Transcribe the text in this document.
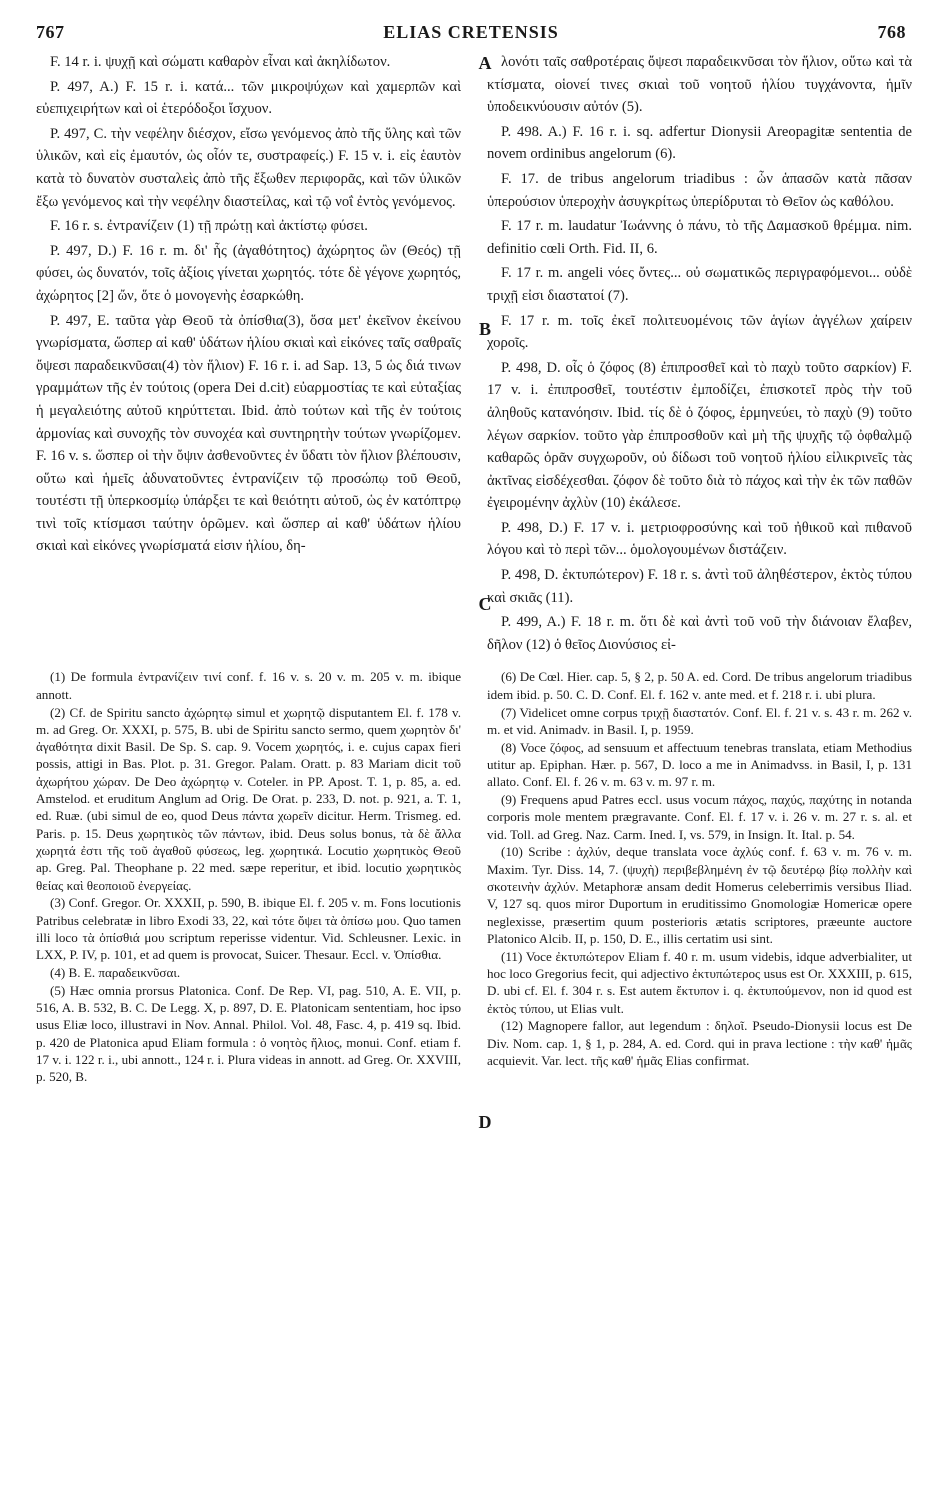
767	ELIAS CRETENSIS	768
A
B
C

F. 14 r. i. ψυχῇ καὶ σώματι καθαρὸν εἶναι καὶ ἀκηλίδωτον.

P. 497, A.) F. 15 r. i. κατά... τῶν μικροψύχων καὶ χαμερπῶν καὶ εὐεπιχειρήτων καὶ οἱ ἑτερόδοξοι ἴσχυον.

P. 497, C. τὴν νεφέλην διέσχον, εἴσω γενόμενος ἀπὸ τῆς ὕλης καὶ τῶν ὑλικῶν, καὶ εἰς ἐμαυτόν, ὡς οἷόν τε, συστραφείς.) F. 15 v. i. εἰς ἑαυτὸν κατὰ τὸ δυνατὸν συσταλεὶς ἀπὸ τῆς ἔξωθεν περιφορᾶς, καὶ τῶν ὑλικῶν ἔξω γενόμενος καὶ τὴν νεφέλην διαστείλας, καὶ τῷ νοΐ ἐντὸς γενόμενος.

F. 16 r. s. ἐντρανίζειν (1) τῇ πρώτῃ καὶ ἀκτίστῳ φύσει.

P. 497, D.) F. 16 r. m. δι' ἧς (ἀγαθότητος) ἀχώρητος ὢν (Θεός) τῇ φύσει, ὡς δυνατόν, τοῖς ἀξίοις γίνεται χωρητός. τότε δὲ γέγονε χωρητός, ἀχώρητος [2] ὤν, ὅτε ὁ μονογενὴς ἐσαρκώθη.

P. 497, E. ταῦτα γὰρ Θεοῦ τὰ ὀπίσθια(3), ὅσα μετ' ἐκεῖνον ἐκείνου γνωρίσματα, ὥσπερ αἱ καθ' ὑδάτων ἡλίου σκιαὶ καὶ εἰκόνες ταῖς σαθραῖς ὄψεσι παραδεικνῦσαι(4) τὸν ἥλιον) F. 16 r. i. ad Sap. 13, 5 ὡς διά τινων γραμμάτων τῆς ἐν τούτοις (opera Dei d.cit) εὐαρμοστίας τε καὶ εὐταξίας ἡ μεγαλειότης αὐτοῦ κηρύττεται. Ibid. ἀπὸ τούτων καὶ τῆς ἐν τούτοις ἁρμονίας καὶ συνοχῆς τὸν συνοχέα καὶ συντηρητὴν τούτων γνωρίζομεν. F. 16 v. s. ὥσπερ οἱ τὴν ὄψιν ἀσθενοῦντες ἐν ὕδατι τὸν ἥλιον βλέπουσιν, οὕτω καὶ ἡμεῖς ἀδυνατοῦντες ἐντρανίζειν τῷ προσώπῳ τοῦ Θεοῦ, τουτέστι τῇ ὑπερκοσμίῳ ὑπάρξει τε καὶ θειότητι αὐτοῦ, ὡς ἐν κατόπτρῳ τινὶ τοῖς κτίσμασι ταύτην ὁρῶμεν. καὶ ὥσπερ αἱ καθ' ὑδάτων ἡλίου σκιαὶ καὶ εἰκόνες γνωρίσματά εἰσιν ἡλίου, δη-

λονότι ταῖς σαθροτέραις ὄψεσι παραδεικνῦσαι τὸν ἥλιον, οὕτω καὶ τὰ κτίσματα, οἱονεί τινες σκιαὶ τοῦ νοητοῦ ἡλίου τυγχάνοντα, ἡμῖν ὑποδεικνύουσιν αὐτόν (5).

P. 498. A.) F. 16 r. i. sq. adfertur Dionysii Areopagitæ sententia de novem ordinibus angelorum (6).

F. 17. de tribus angelorum triadibus : ὧν ἁπασῶν κατὰ πᾶσαν ὑπερούσιον ὑπεροχὴν ἀσυγκρίτως ὑπερίδρυται τὸ Θεῖον ὡς καθόλου.

F. 17 r. m. laudatur Ἰωάννης ὁ πάνυ, τὸ τῆς Δαμασκοῦ θρέμμα. nim. definitio cœli Orth. Fid. II, 6.

F. 17 r. m. angeli νόες ὄντες... οὐ σωματικῶς περιγραφόμενοι... οὐδὲ τριχῇ εἰσι διαστατοί (7).

F. 17 r. m. τοῖς ἐκεῖ πολιτευομένοις τῶν ἁγίων ἀγγέλων χαίρειν χοροῖς.

P. 498, D. οἷς ὁ ζόφος (8) ἐπιπροσθεῖ καὶ τὸ παχὺ τοῦτο σαρκίον) F. 17 v. i. ἐπιπροσθεῖ, τουτέστιν ἐμποδίζει, ἐπισκοτεῖ πρὸς τὴν τοῦ ἀληθοῦς κατανόησιν. Ibid. τίς δὲ ὁ ζόφος, ἑρμηνεύει, τὸ παχὺ (9) τοῦτο λέγων σαρκίον. τοῦτο γὰρ ἐπιπροσθοῦν καὶ μὴ τῆς ψυχῆς τῷ ὀφθαλμῷ καθαρῶς ὁρᾶν συγχωροῦν, οὐ δίδωσι τοῦ νοητοῦ ἡλίου εἰλικρινεῖς τὰς ἀκτῖνας εἰσδέχεσθαι. ζόφον δὲ τοῦτο διὰ τὸ πάχος καὶ τὴν ἐκ τῶν παθῶν ἐγειρομένην ἀχλὺν (10) ἐκάλεσε.

P. 498, D.) F. 17 v. i. μετριοφροσύνης καὶ τοῦ ἠθικοῦ καὶ πιθανοῦ λόγου καὶ τὸ περὶ τῶν... ὁμολογουμένων διστάζειν.

P. 498, D. ἐκτυπώτερον) F. 18 r. s. ἀντὶ τοῦ ἀληθέστερον, ἐκτὸς τύπου καὶ σκιᾶς (11).

P. 499, A.) F. 18 r. m. ὅτι δὲ καὶ ἀντὶ τοῦ νοῦ τὴν διάνοιαν ἔλαβεν, δῆλον (12) ὁ θεῖος Διονύσιος εἰ-

D

(1) De formula ἐντρανίζειν τινί conf. f. 16 v. s. 20 v. m. 205 v. m. ibique annott.

(2) Cf. de Spiritu sancto ἀχώρητῳ simul et χωρητῷ disputantem El. f. 178 v. m. ad Greg. Or. XXXI, p. 575, B. ubi de Spiritu sancto sermo, quem χωρητὸν δι' ἀγαθότητα dixit Basil. De Sp. S. cap. 9. Vocem χωρητός, i. e. cujus capax fieri possis, attigi in Bas. Plot. p. 31. Gregor. Palam. Oratt. p. 83 Mariam dicit τοῦ ἀχωρήτου χώραν. De Deo ἀχώρητῳ v. Coteler. in PP. Apost. T. 1, p. 85, a. ed. Amstelod. et eruditum Anglum ad Orig. De Orat. p. 233, D. not. p. 921, a. T. 1, ed. Ruæ. (ubi simul de eo, quod Deus πάντα χωρεῖν dicitur. Herm. Trismeg. ed. Paris. p. 15. Deus χωρητικὸς τῶν πάντων, ibid. Deus solus bonus, τὰ δὲ ἄλλα χωρητά ἐστι τῆς τοῦ ἀγαθοῦ φύσεως, leg. χωρητικά. Locutio χωρητικὸς Θεοῦ ap. Greg. Pal. Theophane p. 22 med. sæpe reperitur, et ibid. locutio χωρητικὸς θείας καὶ θεοποιοῦ ἐνεργείας.

(3) Conf. Gregor. Or. XXXII, p. 590, B. ibique El. f. 205 v. m. Fons locutionis Patribus celebratæ in libro Exodi 33, 22, καὶ τότε ὄψει τὰ ὀπίσω μου. Quo tamen illi loco τὰ ὀπίσθιά μου scriptum reperisse videntur. Vid. Schleusner. Lexic. in LXX, P. IV, p. 101, et ad quem is provocat, Suicer. Thesaur. Eccl. v. Ὀπίσθια.

(4) B. E. παραδεικνῦσαι.

(5) Hæc omnia prorsus Platonica. Conf. De Rep. VI, pag. 510, A. E. VII, p. 516, A. B. 532, B. C. De Legg. X, p. 897, D. E. Platonicam sententiam, hoc ipso usus Eliæ loco, illustravi in Nov. Annal. Philol. Vol. 48, Fasc. 4, p. 419 sq. Ibid. p. 420 de Platonica apud Eliam formula : ὁ νοητὸς ἥλιος, monui. Conf. etiam f. 17 v. i. 122 r. i., ubi annott., 124 r. i. Plura videas in annott. ad Greg. Or. XXVIII, p. 520, B.

(6) De Cœl. Hier. cap. 5, § 2, p. 50 A. ed. Cord. De tribus angelorum triadibus idem ibid. p. 50. C. D. Conf. El. f. 162 v. ante med. et f. 218 r. i. ubi plura.

(7) Videlicet omne corpus τριχῇ διαστατόν. Conf. El. f. 21 v. s. 43 r. m. 262 v. m. et vid. Animadv. in Basil. I, p. 1959.

(8) Voce ζόφος, ad sensuum et affectuum tenebras translata, etiam Methodius utitur ap. Epiphan. Hær. p. 567, D. loco a me in Animadvss. in Basil, I, p. 131 allato. Conf. El. f. 26 v. m. 63 v. m. 97 r. m.

(9) Frequens apud Patres eccl. usus vocum πάχος, παχύς, παχύτης in notanda corporis mole mentem prægravante. Conf. El. f. 17 v. i. 26 v. m. 27 r. s. al. et vid. Toll. ad Greg. Naz. Carm. Ined. I, vs. 579, in Insign. It. Ital. p. 54.

(10) Scribe : ἀχλύν, deque translata voce ἀχλύς conf. f. 63 v. m. 76 v. m. Maxim. Tyr. Diss. 14, 7. (ψυχὴ) περιβεβλημένη ἐν τῷ δευτέρῳ βίῳ πολλὴν καὶ σκοτεινὴν ἀχλύν. Metaphoræ ansam dedit Homerus celeberrimis versibus Iliad. V, 127 sq. quos miror Duportum in eruditissimo Gnomologiæ Homericæ opere neglexisse, præsertim quum posterioris ætatis scriptores, præeunte auctore Platonico Alcib. II, p. 150, D. E., illis certatim usi sint.

(11) Voce ἐκτυπώτερον Eliam f. 40 r. m. usum videbis, idque adverbialiter, ut hoc loco Gregorius fecit, qui adjectivo ἐκτυπώτερος usus est Or. XXXIII, p. 615, D. ubi cf. El. f. 304 r. s. Est autem ἔκτυπον i. q. ἐκτυπούμενον, non id quod est ἐκτὸς τύπου, ut Elias vult.

(12) Magnopere fallor, aut legendum : δηλοῖ. Pseudo-Dionysii locus est De Div. Nom. cap. 1, § 1, p. 284, A. ed. Cord. qui in prava lectione : τὴν καθ' ἡμᾶς acquievit. Var. lect. τῆς καθ' ἡμᾶς Elias confirmat.
